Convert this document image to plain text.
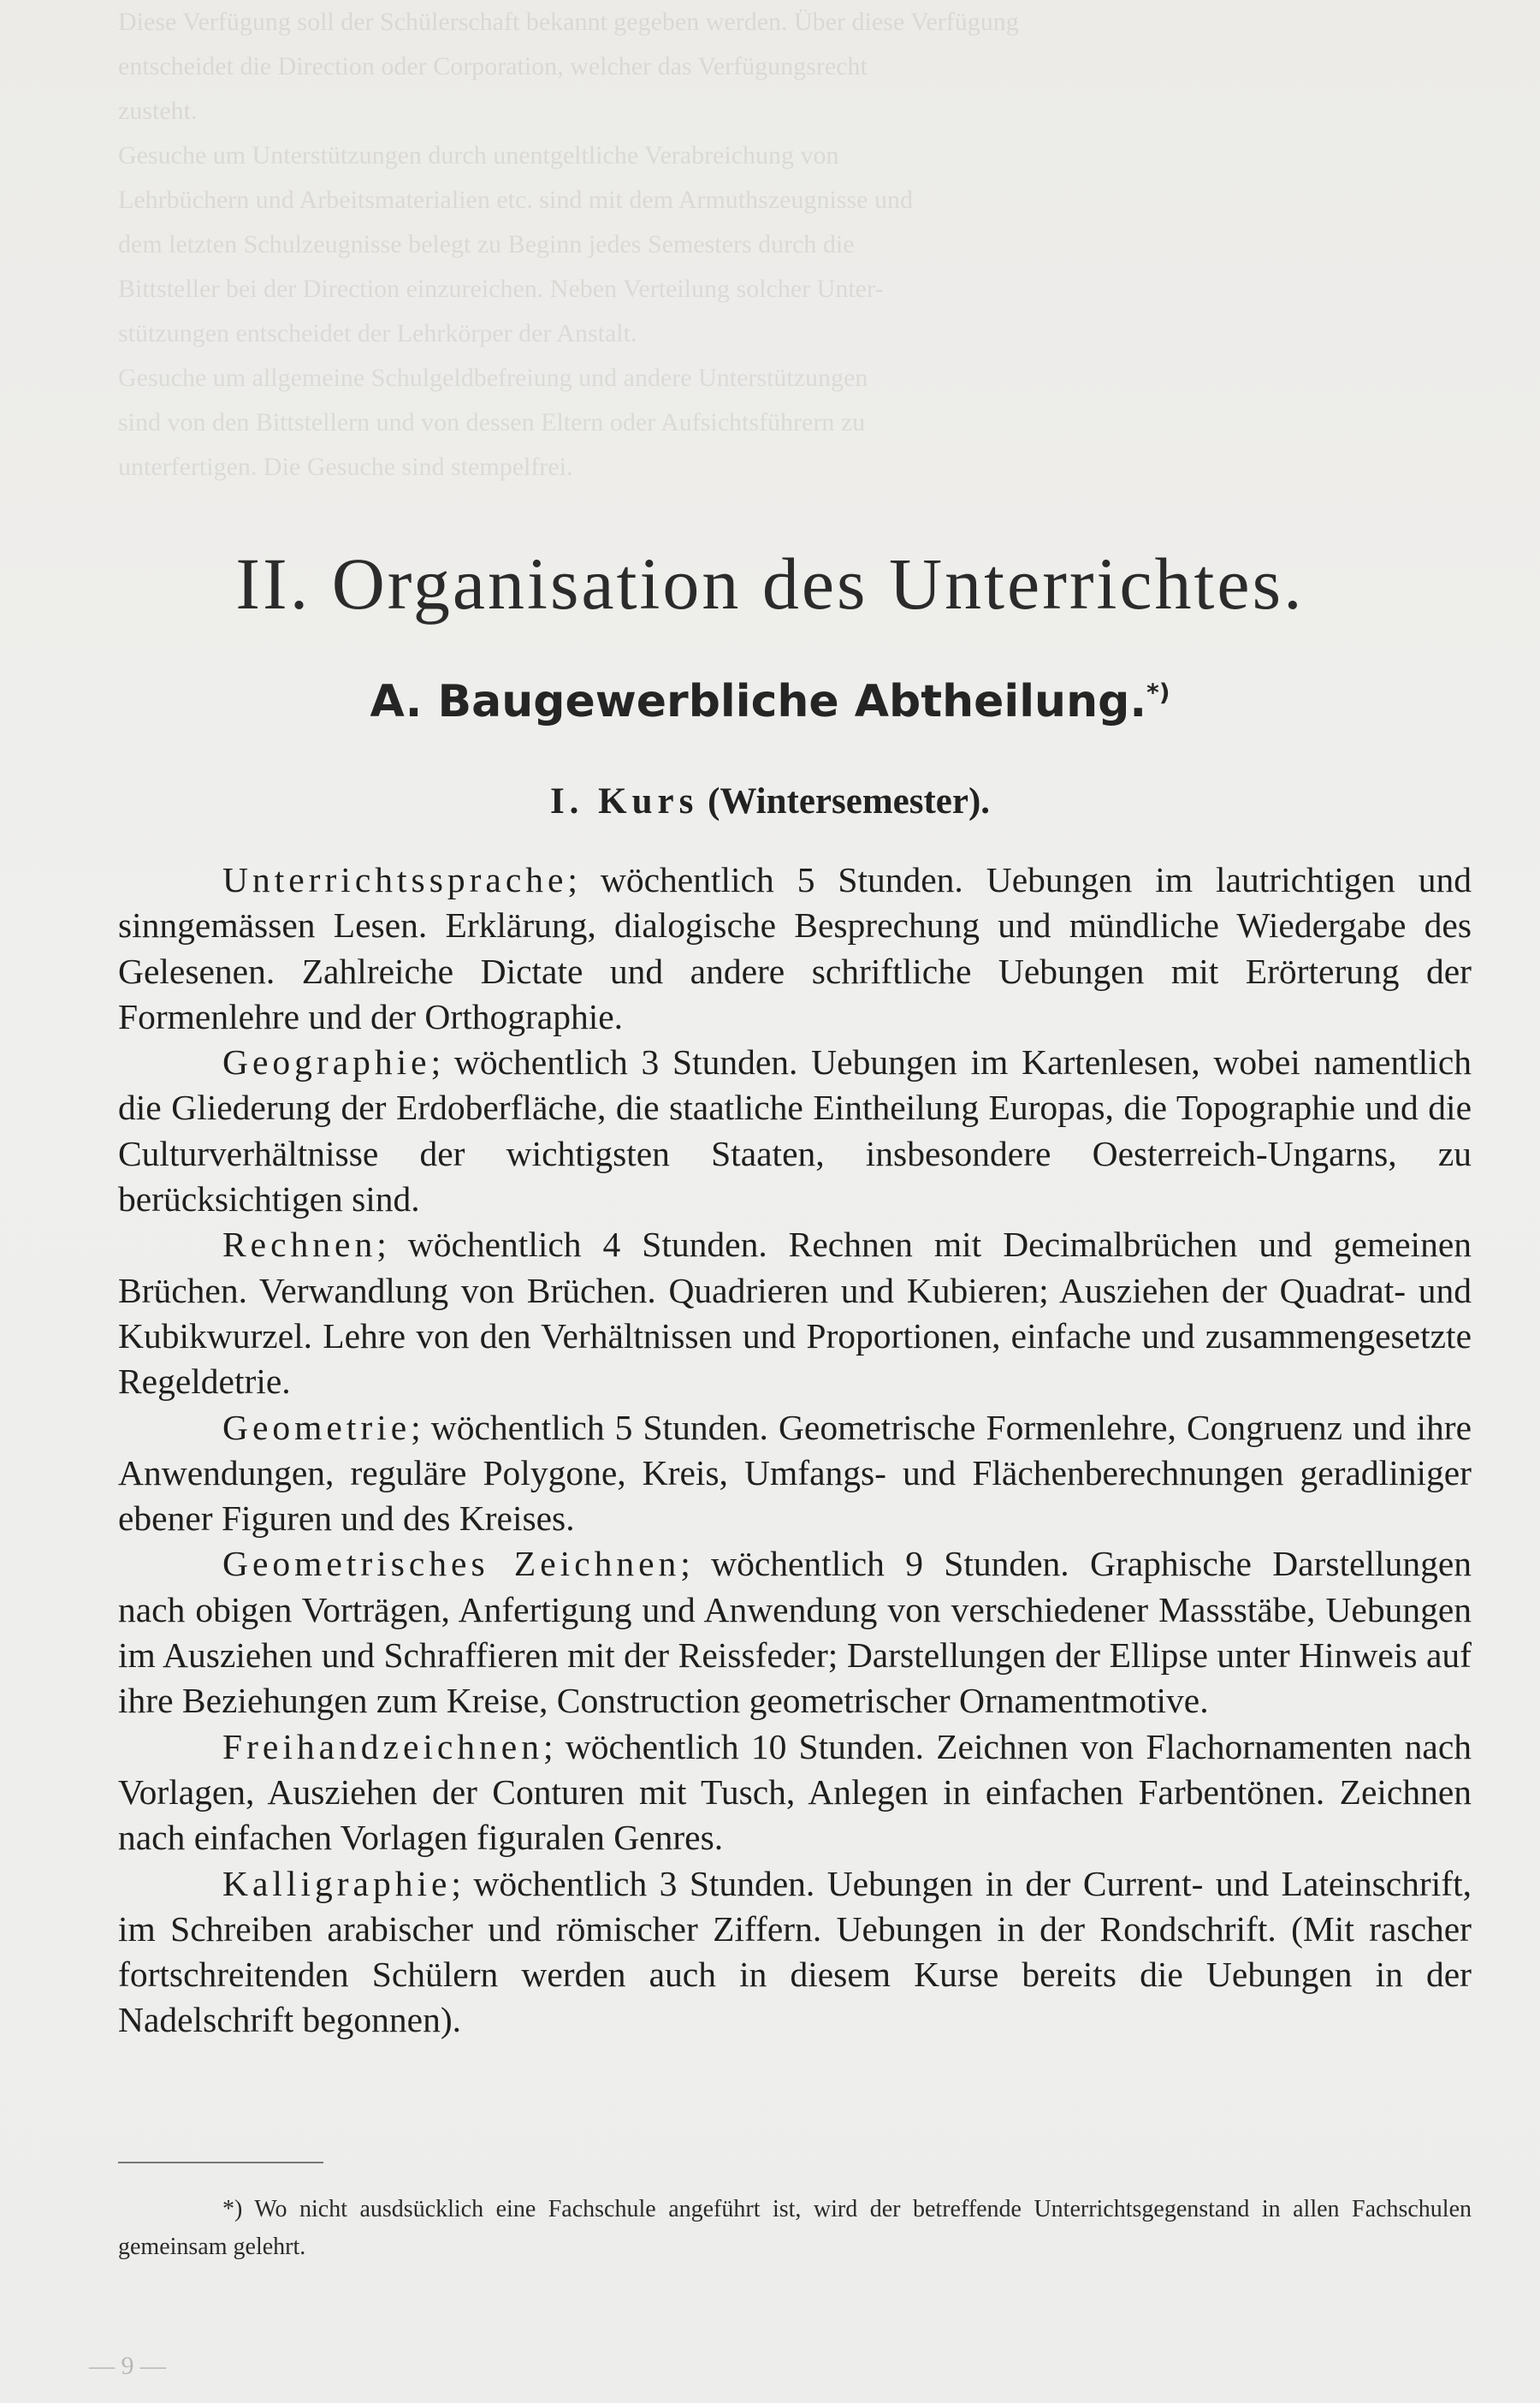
Diese Verfügung soll der Schülerschaft bekannt gegeben werden. Über diese Verfügung

entscheidet die Direction oder Corporation, welcher das Verfügungsrecht

zusteht.

Gesuche um Unterstützungen durch unentgeltliche Verabreichung von

Lehrbüchern und Arbeitsmaterialien etc. sind mit dem Armuthszeugnisse und

dem letzten Schulzeugnisse belegt zu Beginn jedes Semesters durch die

Bittsteller bei der Direction einzureichen. Neben Verteilung solcher Unter-

stützungen entscheidet der Lehrkörper der Anstalt.

Gesuche um allgemeine Schulgeldbefreiung und andere Unterstützungen

sind von den Bittstellern und von dessen Eltern oder Aufsichtsführern zu

unterfertigen. Die Gesuche sind stempelfrei.

II. Organisation des Unterrichtes.
A. Baugewerbliche Abtheilung.*)
I. Kurs (Wintersemester).

Unterrichtssprache; wöchentlich 5 Stunden. Uebungen im lautrichtigen und sinngemässen Lesen. Erklärung, dialogische Besprechung und mündliche Wiedergabe des Gelesenen. Zahlreiche Dictate und andere schriftliche Uebungen mit Erörterung der Formenlehre und der Orthographie.

Geographie; wöchentlich 3 Stunden. Uebungen im Kartenlesen, wobei namentlich die Gliederung der Erdoberfläche, die staatliche Eintheilung Europas, die Topographie und die Culturverhältnisse der wichtigsten Staaten, insbesondere Oesterreich-Ungarns, zu berücksichtigen sind.

Rechnen; wöchentlich 4 Stunden. Rechnen mit Decimalbrüchen und gemeinen Brüchen. Verwandlung von Brüchen. Quadrieren und Kubieren; Ausziehen der Quadrat- und Kubikwurzel. Lehre von den Verhältnissen und Proportionen, einfache und zusammengesetzte Regeldetrie.

Geometrie; wöchentlich 5 Stunden. Geometrische Formenlehre, Congruenz und ihre Anwendungen, reguläre Polygone, Kreis, Umfangs- und Flächenberechnungen geradliniger ebener Figuren und des Kreises.

Geometrisches Zeichnen; wöchentlich 9 Stunden. Graphische Darstellungen nach obigen Vorträgen, Anfertigung und Anwendung von verschiedener Massstäbe, Uebungen im Ausziehen und Schraffieren mit der Reissfeder; Darstellungen der Ellipse unter Hinweis auf ihre Beziehungen zum Kreise, Construction geometrischer Ornamentmotive.

Freihandzeichnen; wöchentlich 10 Stunden. Zeichnen von Flachornamenten nach Vorlagen, Ausziehen der Conturen mit Tusch, Anlegen in einfachen Farbentönen. Zeichnen nach einfachen Vorlagen figuralen Genres.

Kalligraphie; wöchentlich 3 Stunden. Uebungen in der Current- und Lateinschrift, im Schreiben arabischer und römischer Ziffern. Uebungen in der Rondschrift. (Mit rascher fortschreitenden Schülern werden auch in diesem Kurse bereits die Uebungen in der Nadelschrift begonnen).

*) Wo nicht ausdsücklich eine Fachschule angeführt ist, wird der betreffende Unterrichtsgegenstand in allen Fachschulen gemeinsam gelehrt.

— 9 —
